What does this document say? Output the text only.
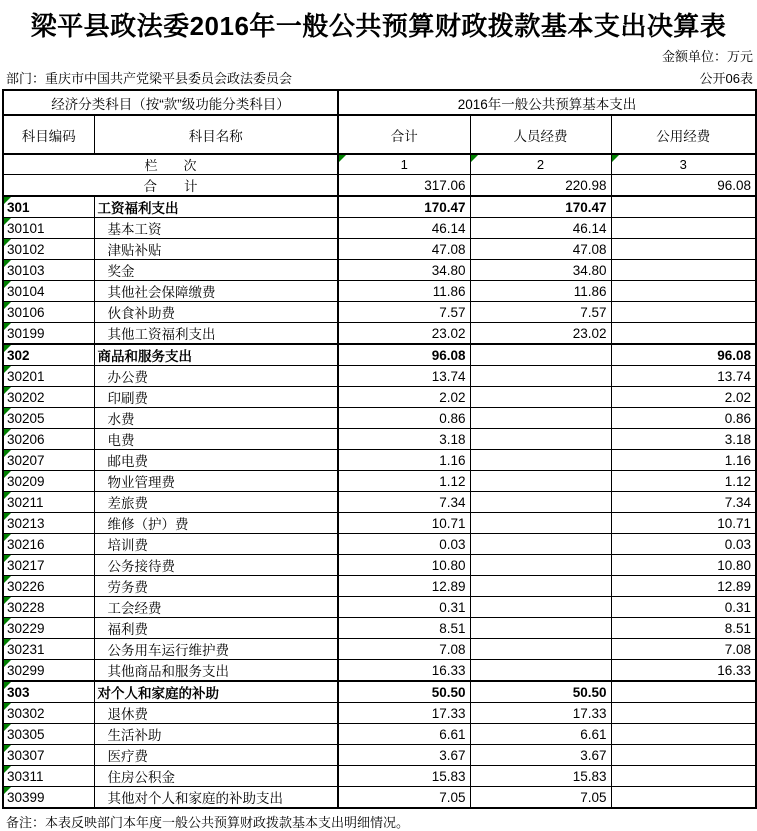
梁平县政法委2016年一般公共预算财政拨款基本支出决算表
金额单位：万元
部门：重庆市中国共产党梁平县委员会政法委员会	公开06表
经济分类科目（按“款”级功能分类科目）		2016年一般公共预算基本支出		
科目编码	科目名称	合计	人员经费	公用经费
栏　　次		1	2	3
合　　计		317.06	220.98	96.08
301	工资福利支出	170.47	170.47	
30101	基本工资	46.14	46.14	
30102	津贴补贴	47.08	47.08	
30103	奖金	34.80	34.80	
30104	其他社会保障缴费	11.86	11.86	
30106	伙食补助费	7.57	7.57	
30199	其他工资福利支出	23.02	23.02	
302	商品和服务支出	96.08		96.08
30201	办公费	13.74		13.74
30202	印刷费	2.02		2.02
30205	水费	0.86		0.86
30206	电费	3.18		3.18
30207	邮电费	1.16		1.16
30209	物业管理费	1.12		1.12
30211	差旅费	7.34		7.34
30213	维修（护）费	10.71		10.71
30216	培训费	0.03		0.03
30217	公务接待费	10.80		10.80
30226	劳务费	12.89		12.89
30228	工会经费	0.31		0.31
30229	福利费	8.51		8.51
30231	公务用车运行维护费	7.08		7.08
30299	其他商品和服务支出	16.33		16.33
303	对个人和家庭的补助	50.50	50.50	
30302	退休费	17.33	17.33	
30305	生活补助	6.61	6.61	
30307	医疗费	3.67	3.67	
30311	住房公积金	15.83	15.83	
30399	其他对个人和家庭的补助支出	7.05	7.05	
备注：本表反映部门本年度一般公共预算财政拨款基本支出明细情况。
